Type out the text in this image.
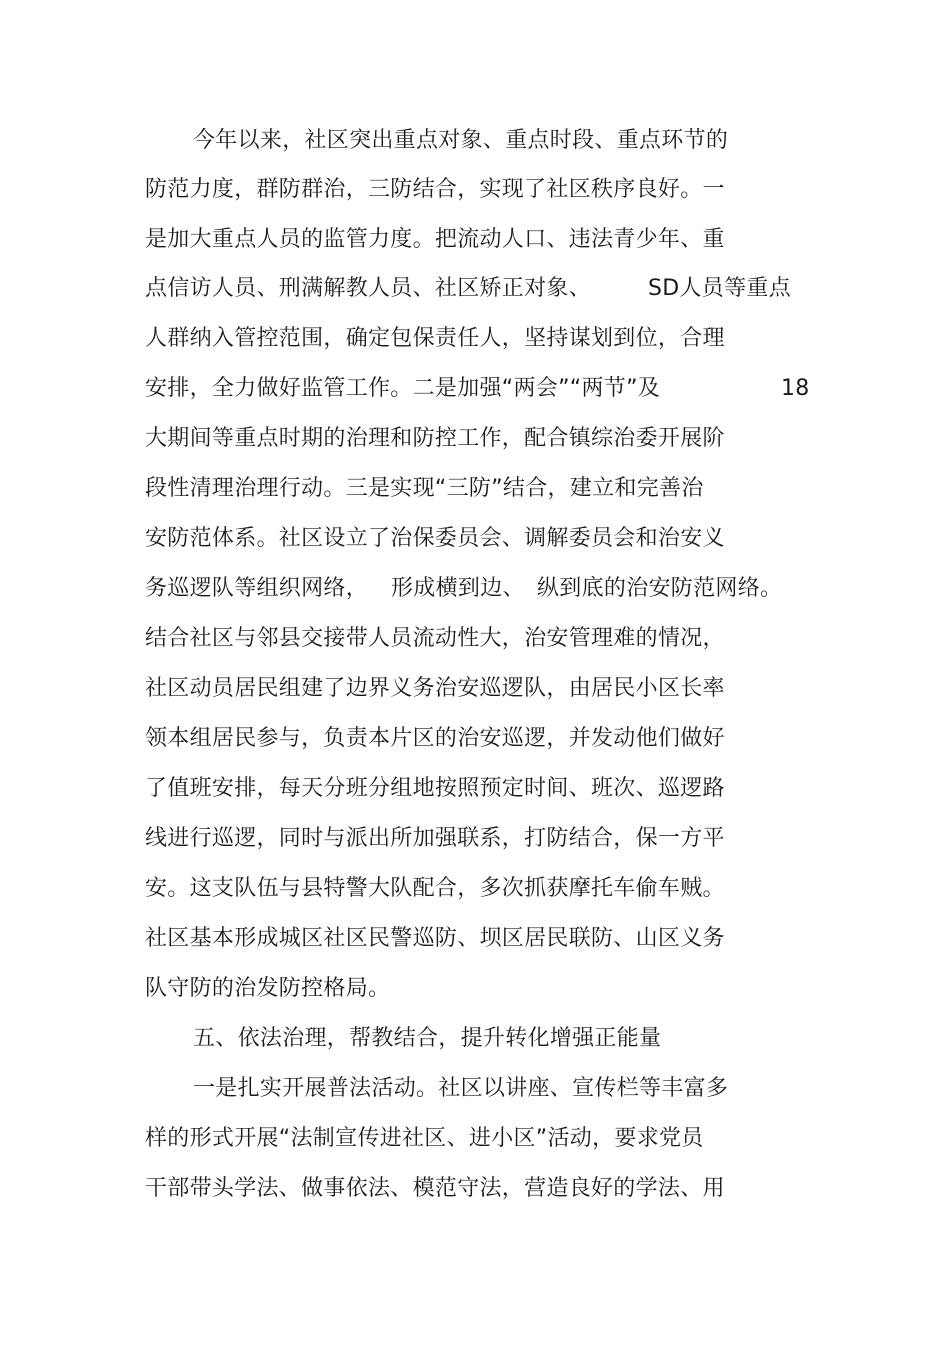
今年以来，社区突出重点对象、重点时段、重点环节的
防范力度，群防群治，三防结合，实现了社区秩序良好。一
是加大重点人员的监管力度。把流动人口、违法青少年、重
点信访人员、刑满解教人员、社区矫正对象、	SD人员等重点
人群纳入管控范围，确定包保责任人，坚持谋划到位，合理
安排，全力做好监管工作。二是加强“两会”“两节”及	18
大期间等重点时期的治理和防控工作，配合镇综治委开展阶
段性清理治理行动。三是实现“三防”结合，建立和完善治
安防范体系。社区设立了治保委员会、调解委员会和治安义
务巡逻队等组织网络， 形成横到边、 纵到底的治安防范网络。
结合社区与邻县交接带人员流动性大，治安管理难的情况，
社区动员居民组建了边界义务治安巡逻队，由居民小区长率
领本组居民参与，负责本片区的治安巡逻，并发动他们做好
了值班安排，每天分班分组地按照预定时间、班次、巡逻路
线进行巡逻，同时与派出所加强联系，打防结合，保一方平
安。这支队伍与县特警大队配合，多次抓获摩托车偷车贼。
社区基本形成城区社区民警巡防、坝区居民联防、山区义务
队守防的治发防控格局。
五、依法治理，帮教结合，提升转化增强正能量
一是扎实开展普法活动。社区以讲座、宣传栏等丰富多
样的形式开展“法制宣传进社区、进小区”活动，要求党员
干部带头学法、做事依法、模范守法，营造良好的学法、用
